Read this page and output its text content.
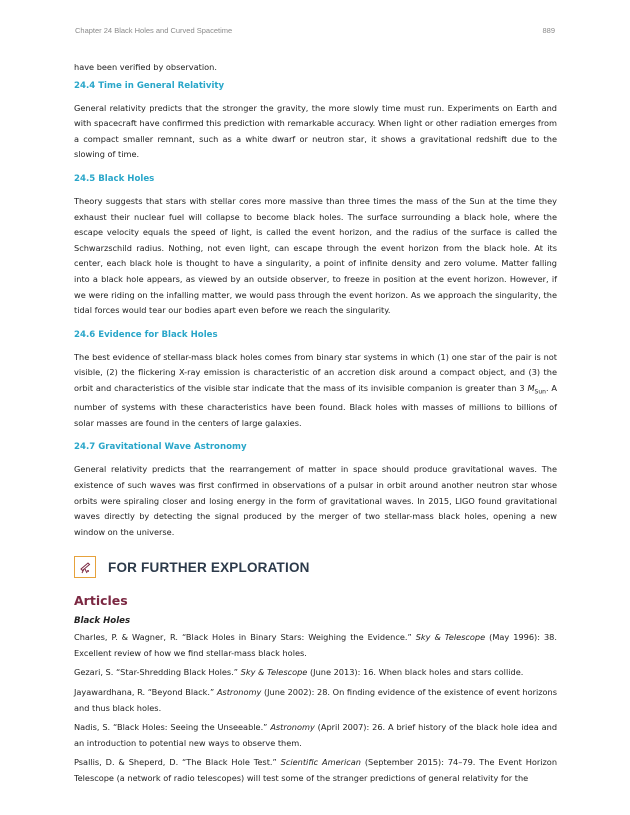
Chapter 24 Black Holes and Curved Spacetime	889

have been verified by observation.

24.4 Time in General Relativity

General relativity predicts that the stronger the gravity, the more slowly time must run. Experiments on Earth and with spacecraft have confirmed this prediction with remarkable accuracy. When light or other radiation emerges from a compact smaller remnant, such as a white dwarf or neutron star, it shows a gravitational redshift due to the slowing of time.

24.5 Black Holes

Theory suggests that stars with stellar cores more massive than three times the mass of the Sun at the time they exhaust their nuclear fuel will collapse to become black holes. The surface surrounding a black hole, where the escape velocity equals the speed of light, is called the event horizon, and the radius of the surface is called the Schwarzschild radius. Nothing, not even light, can escape through the event horizon from the black hole. At its center, each black hole is thought to have a singularity, a point of infinite density and zero volume. Matter falling into a black hole appears, as viewed by an outside observer, to freeze in position at the event horizon. However, if we were riding on the infalling matter, we would pass through the event horizon. As we approach the singularity, the tidal forces would tear our bodies apart even before we reach the singularity.

24.6 Evidence for Black Holes

The best evidence of stellar-mass black holes comes from binary star systems in which (1) one star of the pair is not visible, (2) the flickering X-ray emission is characteristic of an accretion disk around a compact object, and (3) the orbit and characteristics of the visible star indicate that the mass of its invisible companion is greater than 3 $M_{Sun}$. A number of systems with these characteristics have been found. Black holes with masses of millions to billions of solar masses are found in the centers of large galaxies.

24.7 Gravitational Wave Astronomy

General relativity predicts that the rearrangement of matter in space should produce gravitational waves. The existence of such waves was first confirmed in observations of a pulsar in orbit around another neutron star whose orbits were spiraling closer and losing energy in the form of gravitational waves. In 2015, LIGO found gravitational waves directly by detecting the signal produced by the merger of two stellar-mass black holes, opening a new window on the universe.

FOR FURTHER EXPLORATION
Articles
Black Holes

Charles, P. & Wagner, R. “Black Holes in Binary Stars: Weighing the Evidence.” Sky & Telescope (May 1996): 38. Excellent review of how we find stellar-mass black holes.

Gezari, S. “Star-Shredding Black Holes.” Sky & Telescope (June 2013): 16. When black holes and stars collide.

Jayawardhana, R. “Beyond Black.” Astronomy (June 2002): 28. On finding evidence of the existence of event horizons and thus black holes.

Nadis, S. “Black Holes: Seeing the Unseeable.” Astronomy (April 2007): 26. A brief history of the black hole idea and an introduction to potential new ways to observe them.

Psallis, D. & Sheperd, D. “The Black Hole Test.” Scientific American (September 2015): 74–79. The Event Horizon Telescope (a network of radio telescopes) will test some of the stranger predictions of general relativity for the
